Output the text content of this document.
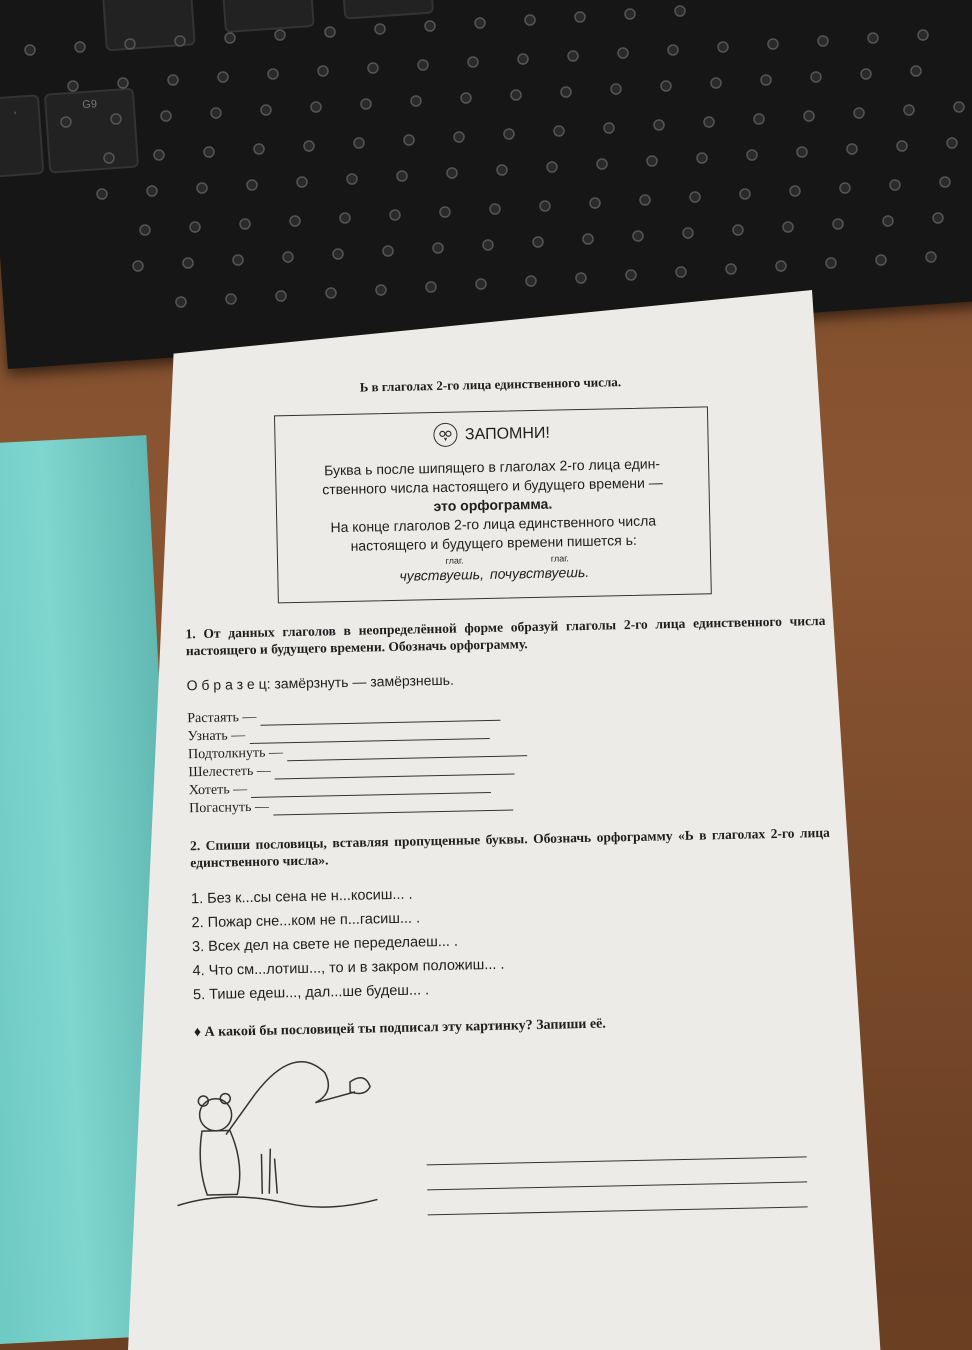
G9
,
Ь в глаголах 2-го лица единственного числа.
ЗАПОМНИ!

Буква ь после шипящего в глаголах 2-го лица един-

ственного числа настоящего и будущего времени —

это орфограмма.

На конце глаголов 2-го лица единственного числа

настоящего и будущего времени пишется ь:

глаг.
чувствуешь,
глаг.
почувствуешь.
1. От данных глаголов в неопределённой форме образуй глаголы 2-го лица единственного числа настоящего и будущего времени. Обозначь орфограмму.
О б р а з е ц: замёрзнуть — замёрзнешь.
Растаять —
Узнать —
Подтолкнуть —
Шелестеть —
Хотеть —
Погаснуть —
2. Спиши пословицы, вставляя пропущенные буквы. Обозначь орфограмму «Ь в глаголах 2-го лица единственного числа».
1. Без к...сы сена не н...косиш... .
2. Пожар сне...ком не п...гасиш... .
3. Всех дел на свете не переделаеш... .
4. Что см...лотиш..., то и в закром положиш... .
5. Тише едеш..., дал...ше будеш... .
♦ А какой бы пословицей ты подписал эту картинку? Запиши её.
